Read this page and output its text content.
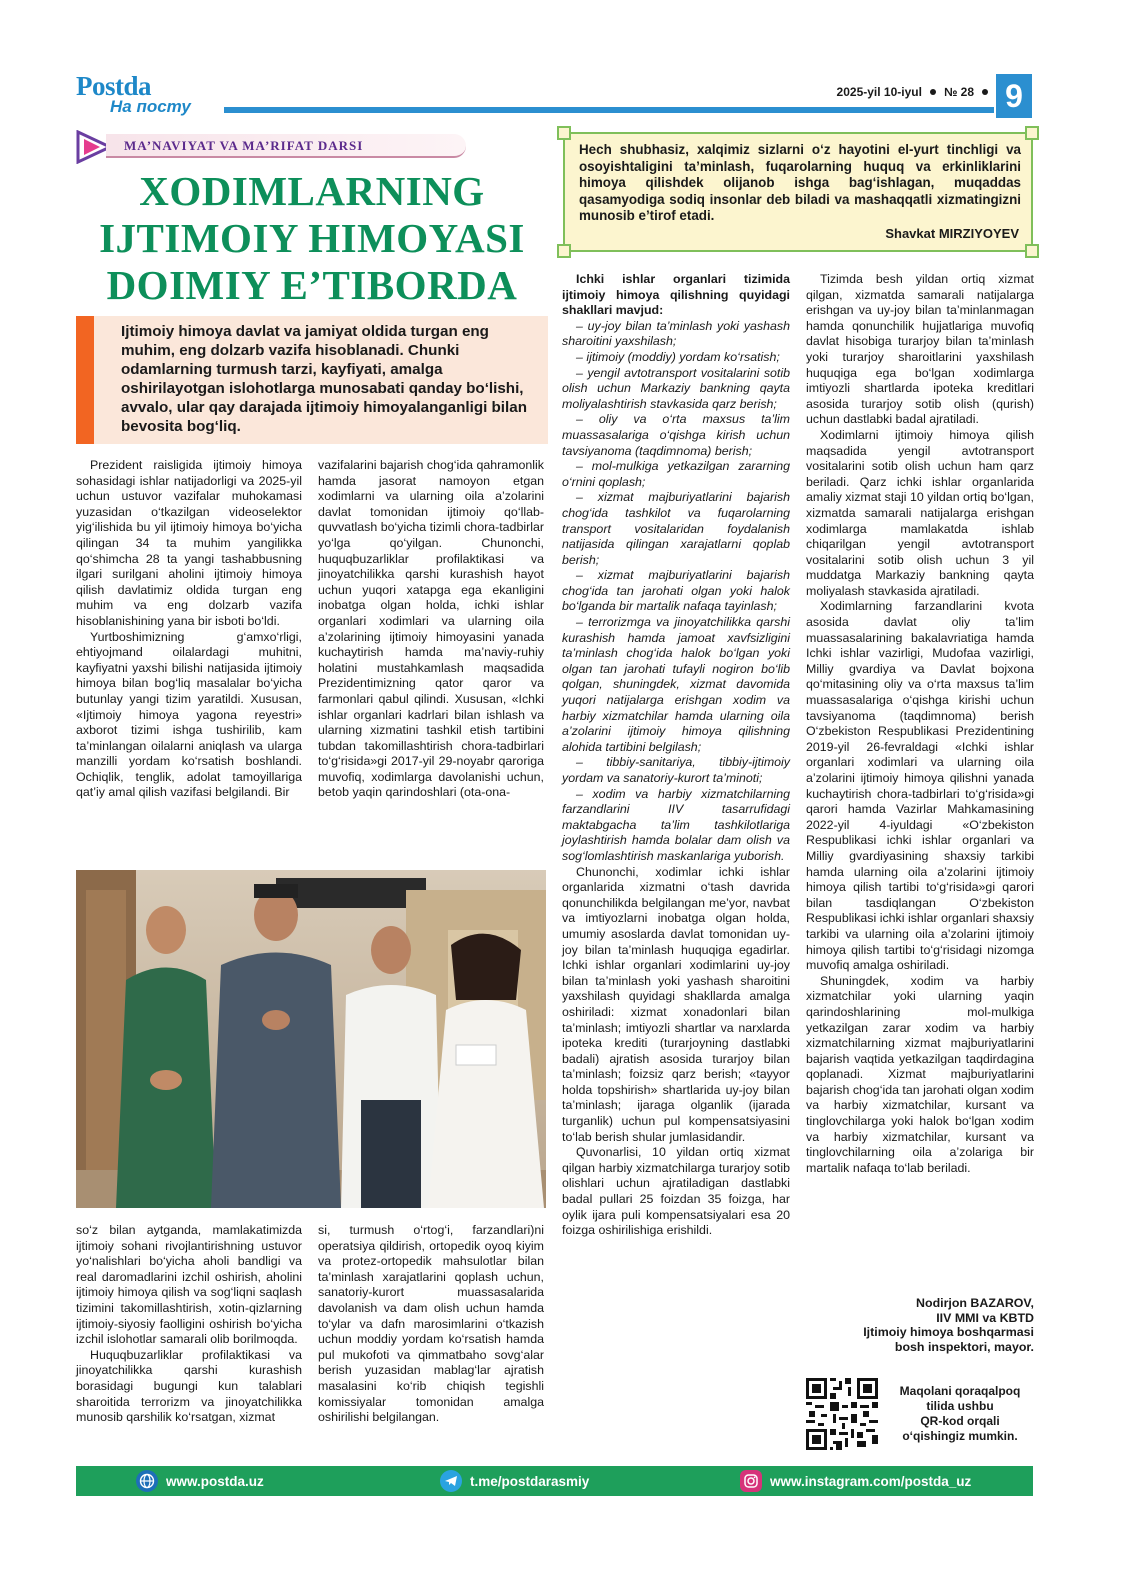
Postda
На посту
2025-yil 10-iyul № 28 9
MA’NAVIYAT VA MA’RIFAT DARSI
XODIMLARNING
IJTIMOIY HIMOYASI
DOIMIY E’TIBORDA

Ijtimoiy himoya davlat va jamiyat oldida turgan eng muhim, eng dolzarb vazifa hisoblanadi. Chunki odamlarning turmush tarzi, kayfiyati, amalga oshirilayotgan islohotlarga munosabati qanday bo‘lishi, avvalo, ular qay darajada ijtimoiy himoyalanganligi bilan bevosita bog‘liq.

Hech shubhasiz, xalqimiz sizlarni o‘z hayotini el-yurt tinchligi va osoyishtaligini ta’minlash, fuqarolarning huquq va erkinliklarini himoya qilishdek olijanob ishga bag‘ishlagan, muqaddas qasamyodiga sodiq insonlar deb biladi va mashaqqatli xizmatingizni munosib e’tirof etadi.

Shavkat MIRZIYOYEV

Prezident raisligida ijtimoiy himoya sohasidagi ishlar natijadorligi va 2025-yil uchun ustuvor vazifalar muhokamasi yuzasidan o‘tkazilgan videoselektor yig‘ilishida bu yil ijtimoiy himoya bo‘yicha qilingan 34 ta muhim yangilikka qo‘shimcha 28 ta yangi tashabbusning ilgari surilgani aholini ijtimoiy himoya qilish davlatimiz oldida turgan eng muhim va eng dolzarb vazifa hisoblanishining yana bir isboti bo‘ldi.

Yurtboshimizning g‘amxo‘rligi, ehtiyojmand oilalardagi muhitni, kayfiyatni yaxshi bilishi natijasida ijtimoiy himoya bilan bog‘liq masalalar bo‘yicha butunlay yangi tizim yaratildi. Xususan, «Ijtimoiy himoya yagona reyestri» axborot tizimi ishga tushirilib, kam ta’minlangan oilalarni aniqlash va ularga manzilli yordam ko‘rsatish boshlandi. Ochiqlik, tenglik, adolat tamoyillariga qat’iy amal qilish vazifasi belgilandi. Bir

vazifalarini bajarish chog‘ida qahramonlik hamda jasorat namoyon etgan xodimlarni va ularning oila a’zolarini davlat tomonidan ijtimoiy qo‘llab-quvvatlash bo‘yicha tizimli chora-tadbirlar yo‘lga qo‘yilgan. Chunonchi, huquqbuzarliklar profilaktikasi va jinoyatchilikka qarshi kurashish hayot uchun yuqori xataрga ega ekanligini inobatga olgan holda, ichki ishlar organlari xodimlari va ularning oila a’zolarining ijtimoiy himoyasini yanada kuchaytirish hamda ma’naviy-ruhiy holatini mustahkamlash maqsadida Prezidentimizning qator qaror va farmonlari qabul qilindi. Xususan, «Ichki ishlar organlari kadrlari bilan ishlash va ularning xizmatini tashkil etish tartibini tubdan takomillashtirish chora-tadbirlari to‘g‘risida»gi 2017-yil 29-noyabr qaroriga muvofiq, xodimlarga davolanishi uchun, betob yaqin qarindoshlari (ota-ona-

so‘z bilan aytganda, mamlakatimizda ijtimoiy sohani rivojlantirishning ustuvor yo‘nalishlari bo‘yicha aholi bandligi va real daromadlarini izchil oshirish, aholini ijtimoiy himoya qilish va sog‘liqni saqlash tizimini takomillashtirish, xotin-qizlarning ijtimoiy-siyosiy faolligini oshirish bo‘yicha izchil islohotlar samarali olib borilmoqda.

Huquqbuzarliklar profilaktikasi va jinoyatchilikka qarshi kurashish borasidagi bugungi kun talablari sharoitida terrorizm va jinoyatchilikka munosib qarshilik ko‘rsatgan, xizmat

si, turmush o‘rtog‘i, farzandlari)ni operatsiya qildirish, ortopedik oyoq kiyim va protez-ortopedik mahsulotlar bilan ta’minlash xarajatlarini qoplash uchun, sanatoriy-kurort muassasalarida davolanish va dam olish uchun hamda to‘ylar va dafn marosimlarini o‘tkazish uchun moddiy yordam ko‘rsatish hamda pul mukofoti va qimmatbaho sovg‘alar berish yuzasidan mablag‘lar ajratish masalasini ko‘rib chiqish tegishli komissiyalar tomonidan amalga oshirilishi belgilangan.

Ichki ishlar organlari tizimida ijtimoiy himoya qilishning quyidagi shakllari mavjud:

– uy-joy bilan ta’minlash yoki yashash sharoitini yaxshilash;

– ijtimoiy (moddiy) yordam ko‘rsatish;

– yengil avtotransport vositalarini sotib olish uchun Markaziy bankning qayta moliyalashtirish stavkasida qarz berish;

– oliy va o‘rta maxsus ta’lim muassasalariga o‘qishga kirish uchun tavsiyanoma (taqdimnoma) berish;

– mol-mulkiga yetkazilgan zararning o‘rnini qoplash;

– xizmat majburiyatlarini bajarish chog‘ida tashkilot va fuqarolarning transport vositalaridan foydalanish natijasida qilingan xarajatlarni qoplab berish;

– xizmat majburiyatlarini bajarish chog‘ida tan jarohati olgan yoki halok bo‘lganda bir martalik nafaqa tayinlash;

– terrorizmga va jinoyatchilikka qarshi kurashish hamda jamoat xavfsizligini ta’minlash chog‘ida halok bo‘lgan yoki olgan tan jarohati tufayli nogiron bo‘lib qolgan, shuningdek, xizmat davomida yuqori natijalarga erishgan xodim va harbiy xizmatchilar hamda ularning oila a’zolarini ijtimoiy himoya qilishning alohida tartibini belgilash;

– tibbiy-sanitariya, tibbiy-ijtimoiy yordam va sanatoriy-kurort ta’minoti;

– xodim va harbiy xizmatchilarning farzandlarini IIV tasarrufidagi maktabgacha ta’lim tashkilotlariga joylashtirish hamda bolalar dam olish va sog‘lomlashtirish maskanlariga yuborish.

Chunonchi, xodimlar ichki ishlar organlarida xizmatni o‘tash davrida qonunchilikda belgilangan me’yor, navbat va imtiyozlarni inobatga olgan holda, umumiy asoslarda davlat tomonidan uy-joy bilan ta’minlash huquqiga egadirlar. Ichki ishlar organlari xodimlarini uy-joy bilan ta’minlash yoki yashash sharoitini yaxshilash quyidagi shakllarda amalga oshiriladi: xizmat xonadonlari bilan ta’minlash; imtiyozli shartlar va narxlarda ipoteka krediti (turarjoyning dastlabki badali) ajratish asosida turarjoy bilan ta’minlash; foizsiz qarz berish; «tayyor holda topshirish» shartlarida uy-joy bilan ta’minlash; ijaraga olganlik (ijarada turganlik) uchun pul kompensatsiyasini to‘lab berish shular jumlasidandir.

Quvonarlisi, 10 yildan ortiq xizmat qilgan harbiy xizmatchilarga turarjoy sotib olishlari uchun ajratiladigan dastlabki badal pullari 25 foizdan 35 foizga, har oylik ijara puli kompensatsiyalari esa 20 foizga oshirilishiga erishildi.

Tizimda besh yildan ortiq xizmat qilgan, xizmatda samarali natijalarga erishgan va uy-joy bilan ta’minlanmagan hamda qonunchilik hujjatlariga muvofiq davlat hisobiga turarjoy bilan ta’minlash yoki turarjoy sharoitlarini yaxshilash huquqiga ega bo‘lgan xodimlarga imtiyozli shartlarda ipoteka kreditlari asosida turarjoy sotib olish (qurish) uchun dastlabki badal ajratiladi.

Xodimlarni ijtimoiy himoya qilish maqsadida yengil avtotransport vositalarini sotib olish uchun ham qarz beriladi. Qarz ichki ishlar organlarida amaliy xizmat staji 10 yildan ortiq bo‘lgan, xizmatda samarali natijalarga erishgan xodimlarga mamlakatda ishlab chiqarilgan yengil avtotransport vositalarini sotib olish uchun 3 yil muddatga Markaziy bankning qayta moliyalash stavkasida ajratiladi.

Xodimlarning farzandlarini kvota asosida davlat oliy ta’lim muassasalarining bakalavriatiga hamda Ichki ishlar vazirligi, Mudofaa vazirligi, Milliy gvardiya va Davlat bojxona qo‘mitasining oliy va o‘rta maxsus ta’lim muassasalariga o‘qishga kirishi uchun tavsiyanoma (taqdimnoma) berish O‘zbekiston Respublikasi Prezidentining 2019-yil 26-fevraldagi «Ichki ishlar organlari xodimlari va ularning oila a’zolarini ijtimoiy himoya qilishni yanada kuchaytirish chora-tadbirlari to‘g‘risida»gi qarori hamda Vazirlar Mahkamasining 2022-yil 4-iyuldagi «O‘zbekiston Respublikasi ichki ishlar organlari va Milliy gvardiyasining shaxsiy tarkibi hamda ularning oila a’zolarini ijtimoiy himoya qilish tartibi to‘g‘risida»gi qarori bilan tasdiqlangan O‘zbekiston Respublikasi ichki ishlar organlari shaxsiy tarkibi va ularning oila a’zolarini ijtimoiy himoya qilish tartibi to‘g‘risidagi nizomga muvofiq amalga oshiriladi.

Shuningdek, xodim va harbiy xizmatchilar yoki ularning yaqin qarindoshlarining mol-mulkiga yetkazilgan zarar xodim va harbiy xizmatchilarning xizmat majburiyatlarini bajarish vaqtida yetkazilgan taqdirdagina qoplanadi. Xizmat majburiyatlarini bajarish chog‘ida tan jarohati olgan xodim va harbiy xizmatchilar, kursant va tinglovchilarga yoki halok bo‘lgan xodim va harbiy xizmatchilar, kursant va tinglovchilarning oila a’zolariga bir martalik nafaqa to‘lab beriladi.

Nodirjon BAZAROV,
IIV MMI va KBTD
Ijtimoiy himoya boshqarmasi
bosh inspektori, mayor.
Maqolani qoraqalpoq
tilida ushbu
QR-kod orqali
o‘qishingiz mumkin.
www.postda.uz	t.me/postdarasmiy	www.instagram.com/postda_uz
